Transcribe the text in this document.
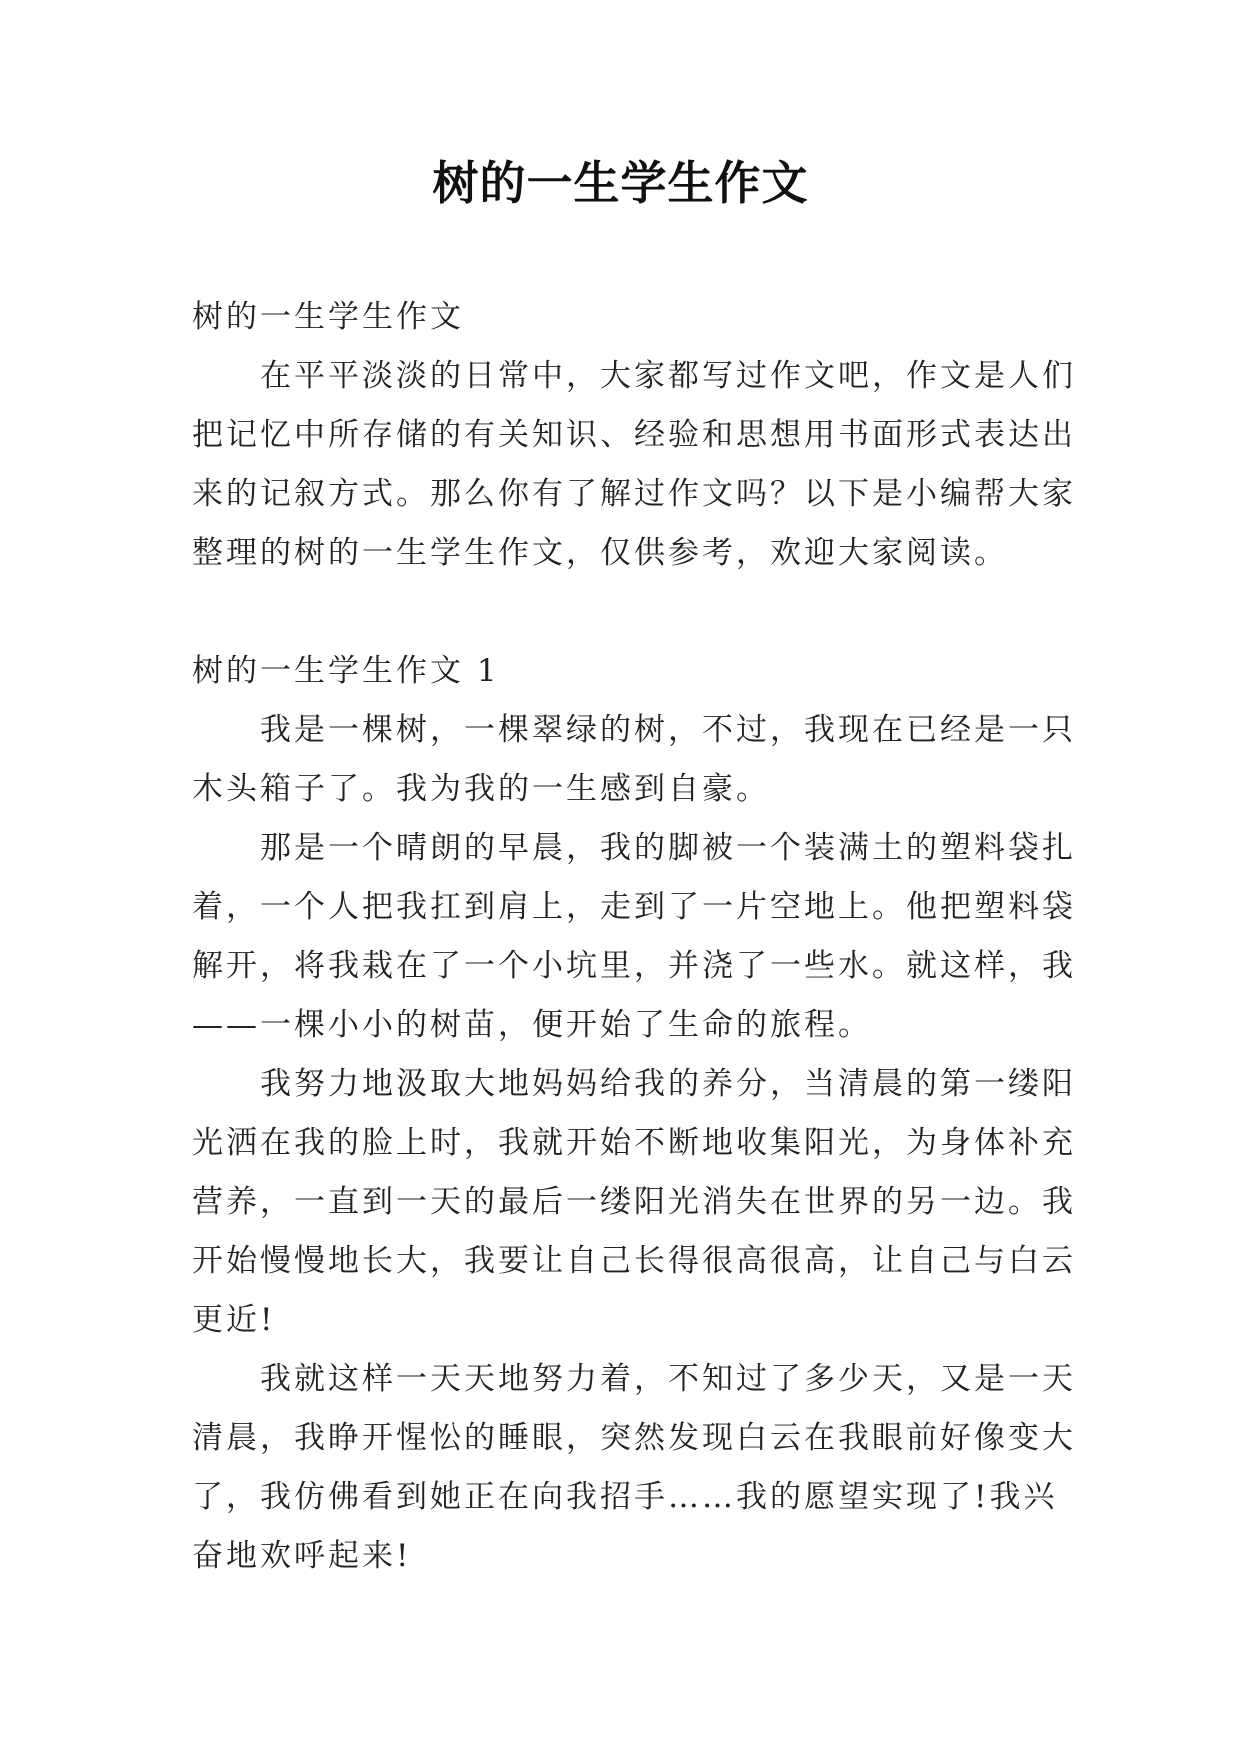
树的一生学生作文
树的一生学生作文
　　在平平淡淡的日常中，大家都写过作文吧，作文是人们
把记忆中所存储的有关知识、经验和思想用书面形式表达出
来的记叙方式。那么你有了解过作文吗？以下是小编帮大家
整理的树的一生学生作文，仅供参考，欢迎大家阅读。
树的一生学生作文 1
　　我是一棵树，一棵翠绿的树，不过，我现在已经是一只
木头箱子了。我为我的一生感到自豪。
　　那是一个晴朗的早晨，我的脚被一个装满土的塑料袋扎
着，一个人把我扛到肩上，走到了一片空地上。他把塑料袋
解开，将我栽在了一个小坑里，并浇了一些水。就这样，我
——一棵小小的树苗，便开始了生命的旅程。
　　我努力地汲取大地妈妈给我的养分，当清晨的第一缕阳
光洒在我的脸上时，我就开始不断地收集阳光，为身体补充
营养，一直到一天的最后一缕阳光消失在世界的另一边。我
开始慢慢地长大，我要让自己长得很高很高，让自己与白云
更近!
　　我就这样一天天地努力着，不知过了多少天，又是一天
清晨，我睁开惺忪的睡眼，突然发现白云在我眼前好像变大
了，我仿佛看到她正在向我招手……我的愿望实现了!我兴
奋地欢呼起来!
